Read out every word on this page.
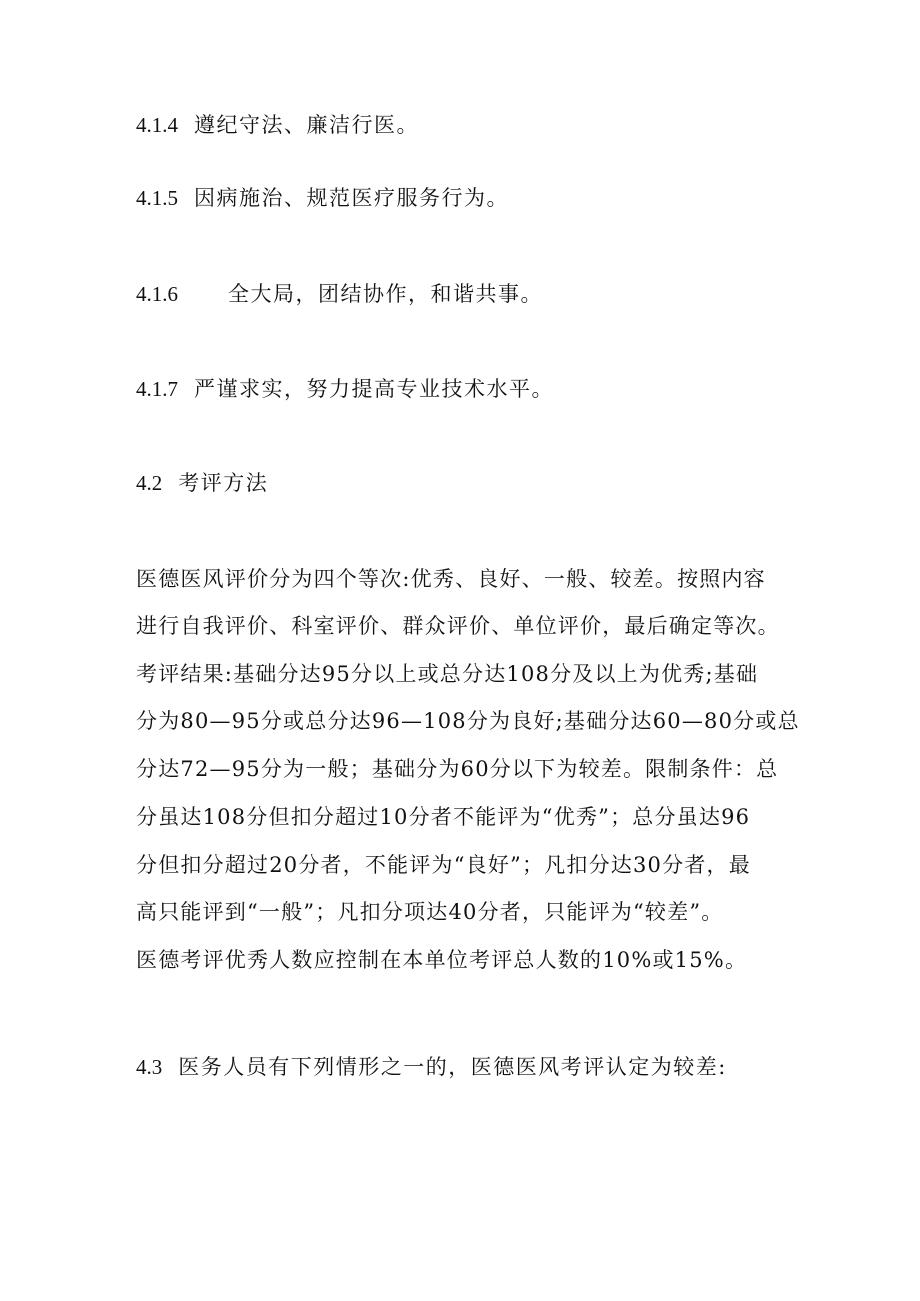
4.1.4 遵纪守法、廉洁行医。
4.1.5 因病施治、规范医疗服务行为。
4.1.6 全大局，团结协作，和谐共事。
4.1.7 严谨求实，努力提高专业技术水平。
4.2 考评方法
医德医风评价分为四个等次:优秀、良好、一般、较差。按照内容
进行自我评价、科室评价、群众评价、单位评价，最后确定等次。
考评结果:基础分达95分以上或总分达108分及以上为优秀;基础
分为80—95分或总分达96—108分为良好;基础分达60—80分或总
分达72—95分为一般；基础分为60分以下为较差。限制条件：总
分虽达108分但扣分超过10分者不能评为“优秀”；总分虽达96
分但扣分超过20分者，不能评为“良好”；凡扣分达30分者，最
高只能评到“一般”；凡扣分项达40分者，只能评为“较差”。
医德考评优秀人数应控制在本单位考评总人数的10%或15%。
4.3 医务人员有下列情形之一的，医德医风考评认定为较差:
